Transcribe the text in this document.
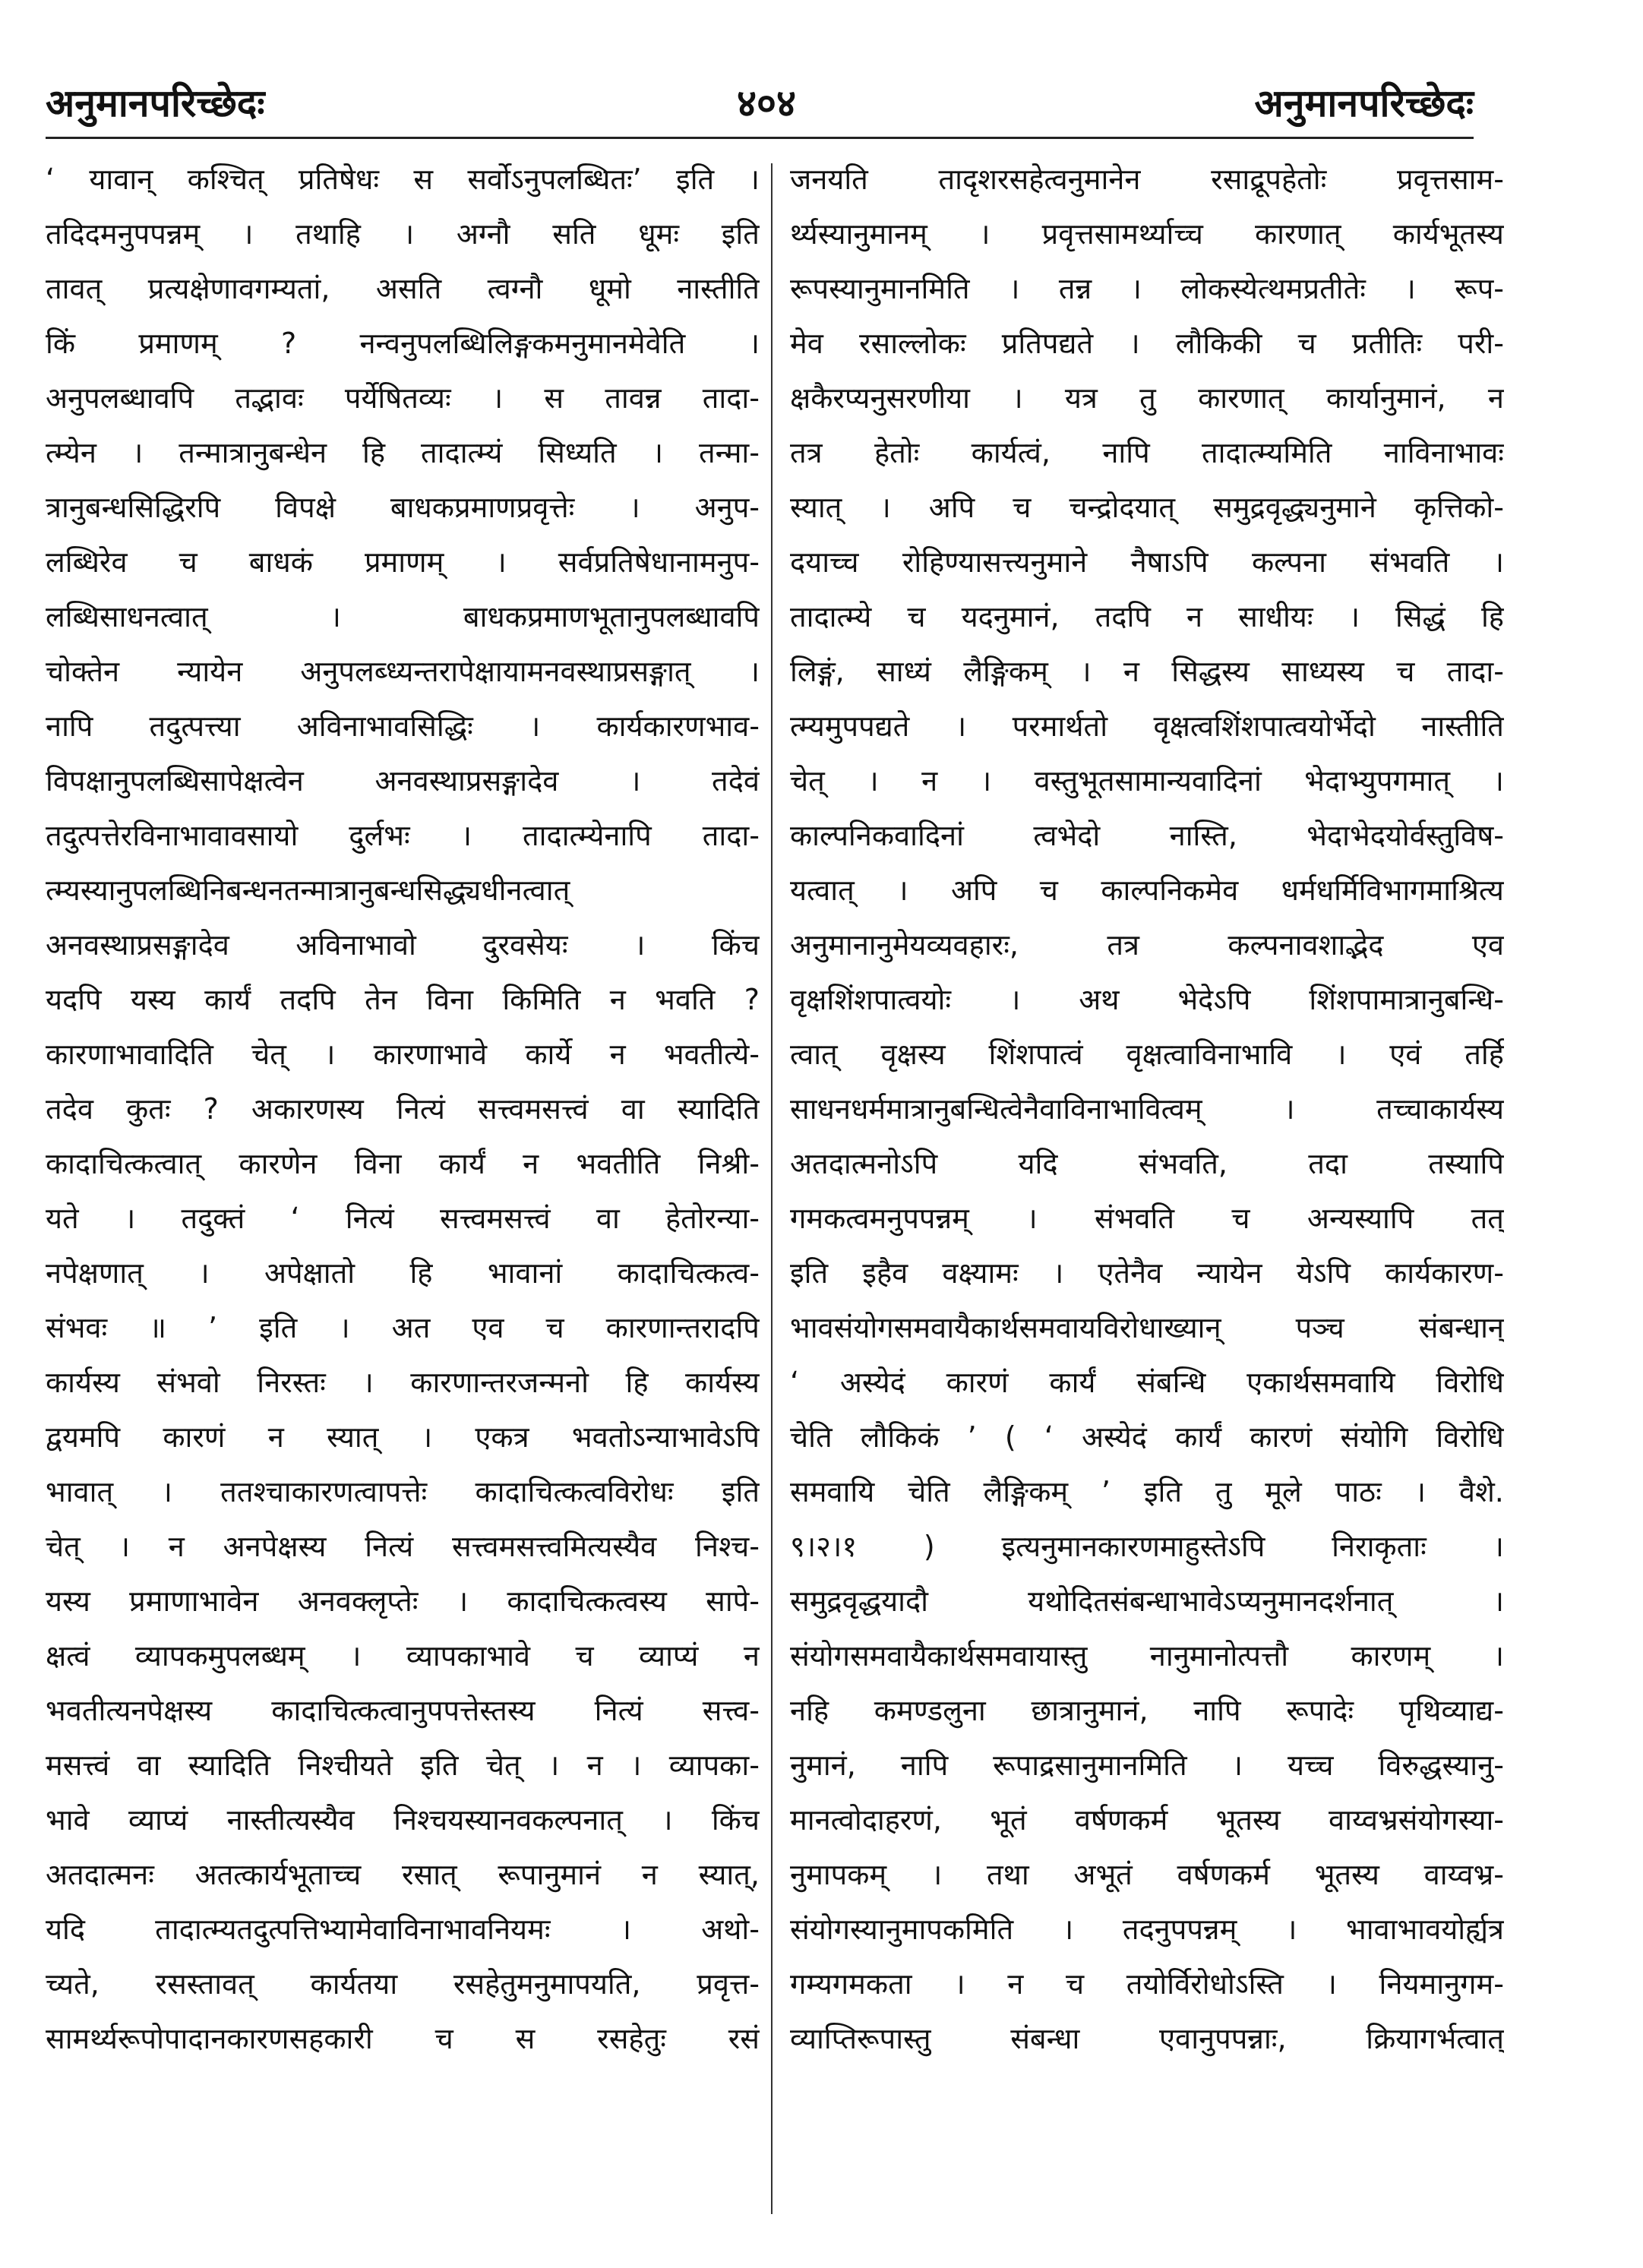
अनुमानपरिच्छेदः	४०४	अनुमानपरिच्छेदः
‘ यावान् कश्चित् प्रतिषेधः स सर्वोऽनुपलब्धितः’ इति ।
तदिदमनुपपन्नम् । तथाहि । अग्नौ सति धूमः इति
तावत् प्रत्यक्षेणावगम्यतां, असति त्वग्नौ धूमो नास्तीति
किं प्रमाणम् ? नन्वनुपलब्धिलिङ्गकमनुमानमेवेति ।
अनुपलब्धावपि तद्भावः पर्येषितव्यः । स तावन्न तादा-
त्म्येन । तन्मात्रानुबन्धेन हि तादात्म्यं सिध्यति । तन्मा-
त्रानुबन्धसिद्धिरपि विपक्षे बाधकप्रमाणप्रवृत्तेः । अनुप-
लब्धिरेव च बाधकं प्रमाणम् । सर्वप्रतिषेधानामनुप-
लब्धिसाधनत्वात्	।	बाधकप्रमाणभूतानुपलब्धावपि
चोक्तेन न्यायेन अनुपलब्ध्यन्तरापेक्षायामनवस्थाप्रसङ्गात् ।
नापि तदुत्पत्त्या अविनाभावसिद्धिः । कार्यकारणभाव-
विपक्षानुपलब्धिसापेक्षत्वेन अनवस्थाप्रसङ्गादेव । तदेवं
तदुत्पत्तेरविनाभावावसायो दुर्लभः । तादात्म्येनापि तादा-
त्म्यस्यानुपलब्धिनिबन्धनतन्मात्रानुबन्धसिद्ध्यधीनत्वात्
अनवस्थाप्रसङ्गादेव अविनाभावो दुरवसेयः । किंच
यदपि यस्य कार्यं तदपि तेन विना किमिति न भवति ?
कारणाभावादिति चेत् । कारणाभावे कार्ये न भवतीत्ये-
तदेव कुतः ? अकारणस्य नित्यं सत्त्वमसत्त्वं वा स्यादिति
कादाचित्कत्वात् कारणेन विना कार्यं न भवतीति निश्री-
यते । तदुक्तं ‘ नित्यं सत्त्वमसत्त्वं वा हेतोरन्या-
नपेक्षणात् । अपेक्षातो हि भावानां कादाचित्कत्व-
संभवः ॥ ’ इति । अत एव च कारणान्तरादपि
कार्यस्य संभवो निरस्तः । कारणान्तरजन्मनो हि कार्यस्य
द्वयमपि कारणं न स्यात् । एकत्र भवतोऽन्याभावेऽपि
भावात् । ततश्चाकारणत्वापत्तेः कादाचित्कत्वविरोधः इति
चेत् । न अनपेक्षस्य नित्यं सत्त्वमसत्त्वमित्यस्यैव निश्च-
यस्य प्रमाणाभावेन अनवक्लृप्तेः । कादाचित्कत्वस्य सापे-
क्षत्वं व्यापकमुपलब्धम् । व्यापकाभावे च व्याप्यं न
भवतीत्यनपेक्षस्य कादाचित्कत्वानुपपत्तेस्तस्य नित्यं सत्त्व-
मसत्त्वं वा स्यादिति निश्चीयते इति चेत् । न । व्यापका-
भावे व्याप्यं नास्तीत्यस्यैव निश्चयस्यानवकल्पनात् । किंच
अतदात्मनः अतत्कार्यभूताच्च रसात् रूपानुमानं न स्यात्,
यदि तादात्म्यतदुत्पत्तिभ्यामेवाविनाभावनियमः । अथो-
च्यते, रसस्तावत् कार्यतया रसहेतुमनुमापयति, प्रवृत्त-
सामर्थ्यरूपोपादानकारणसहकारी च स रसहेतुः रसं
जनयति तादृशरसहेत्वनुमानेन रसाद्रूपहेतोः प्रवृत्तसाम-
र्थ्यस्यानुमानम् । प्रवृत्तसामर्थ्याच्च कारणात् कार्यभूतस्य
रूपस्यानुमानमिति । तन्न । लोकस्येत्थमप्रतीतेः । रूप-
मेव रसाल्लोकः प्रतिपद्यते । लौकिकी च प्रतीतिः परी-
क्षकैरप्यनुसरणीया । यत्र तु कारणात् कार्यानुमानं, न
तत्र हेतोः कार्यत्वं, नापि तादात्म्यमिति नाविनाभावः
स्यात् । अपि च चन्द्रोदयात् समुद्रवृद्ध्यनुमाने कृत्तिको-
दयाच्च रोहिण्यासत्त्यनुमाने नैषाऽपि कल्पना संभवति ।
तादात्म्ये च यदनुमानं, तदपि न साधीयः । सिद्धं हि
लिङ्गं, साध्यं लैङ्गिकम् । न सिद्धस्य साध्यस्य च तादा-
त्म्यमुपपद्यते । परमार्थतो वृक्षत्वशिंशपात्वयोर्भेदो नास्तीति
चेत् । न । वस्तुभूतसामान्यवादिनां भेदाभ्युपगमात् ।
काल्पनिकवादिनां त्वभेदो नास्ति, भेदाभेदयोर्वस्तुविष-
यत्वात् । अपि च काल्पनिकमेव धर्मधर्मिविभागमाश्रित्य
अनुमानानुमेयव्यवहारः,	तत्र	कल्पनावशाद्भेद	एव
वृक्षशिंशपात्वयोः । अथ भेदेऽपि शिंशपामात्रानुबन्धि-
त्वात् वृक्षस्य शिंशपात्वं वृक्षत्वाविनाभावि । एवं तर्हि
साधनधर्ममात्रानुबन्धित्वेनैवाविनाभावित्वम्	।	तच्चाकार्यस्य
अतदात्मनोऽपि	यदि	संभवति,	तदा	तस्यापि
गमकत्वमनुपपन्नम् । संभवति च अन्यस्यापि तत्
इति इहैव वक्ष्यामः । एतेनैव न्यायेन येऽपि कार्यकारण-
भावसंयोगसमवायैकार्थसमवायविरोधाख्यान्	पञ्च	संबन्धान्
‘ अस्येदं कारणं कार्यं संबन्धि एकार्थसमवायि विरोधि
चेति लौकिकं ’ ( ‘ अस्येदं कार्यं कारणं संयोगि विरोधि
समवायि चेति लैङ्गिकम् ’ इति तु मूले पाठः । वैशे.
९।२।१ ) इत्यनुमानकारणमाहुस्तेऽपि निराकृताः ।
समुद्रवृद्धयादौ	यथोदितसंबन्धाभावेऽप्यनुमानदर्शनात्	।
संयोगसमवायैकार्थसमवायास्तु नानुमानोत्पत्तौ कारणम् ।
नहि कमण्डलुना छात्रानुमानं, नापि रूपादेः पृथिव्याद्य-
नुमानं, नापि रूपाद्रसानुमानमिति । यच्च विरुद्धस्यानु-
मानत्वोदाहरणं, भूतं वर्षणकर्म भूतस्य वाय्वभ्रसंयोगस्या-
नुमापकम् । तथा अभूतं वर्षणकर्म भूतस्य वाय्वभ्र-
संयोगस्यानुमापकमिति । तदनुपपन्नम् । भावाभावयोर्ह्यत्र
गम्यगमकता । न च तयोर्विरोधोऽस्ति । नियमानुगम-
व्याप्तिरूपास्तु	संबन्धा	एवानुपपन्नाः,	क्रियागर्भत्वात्
